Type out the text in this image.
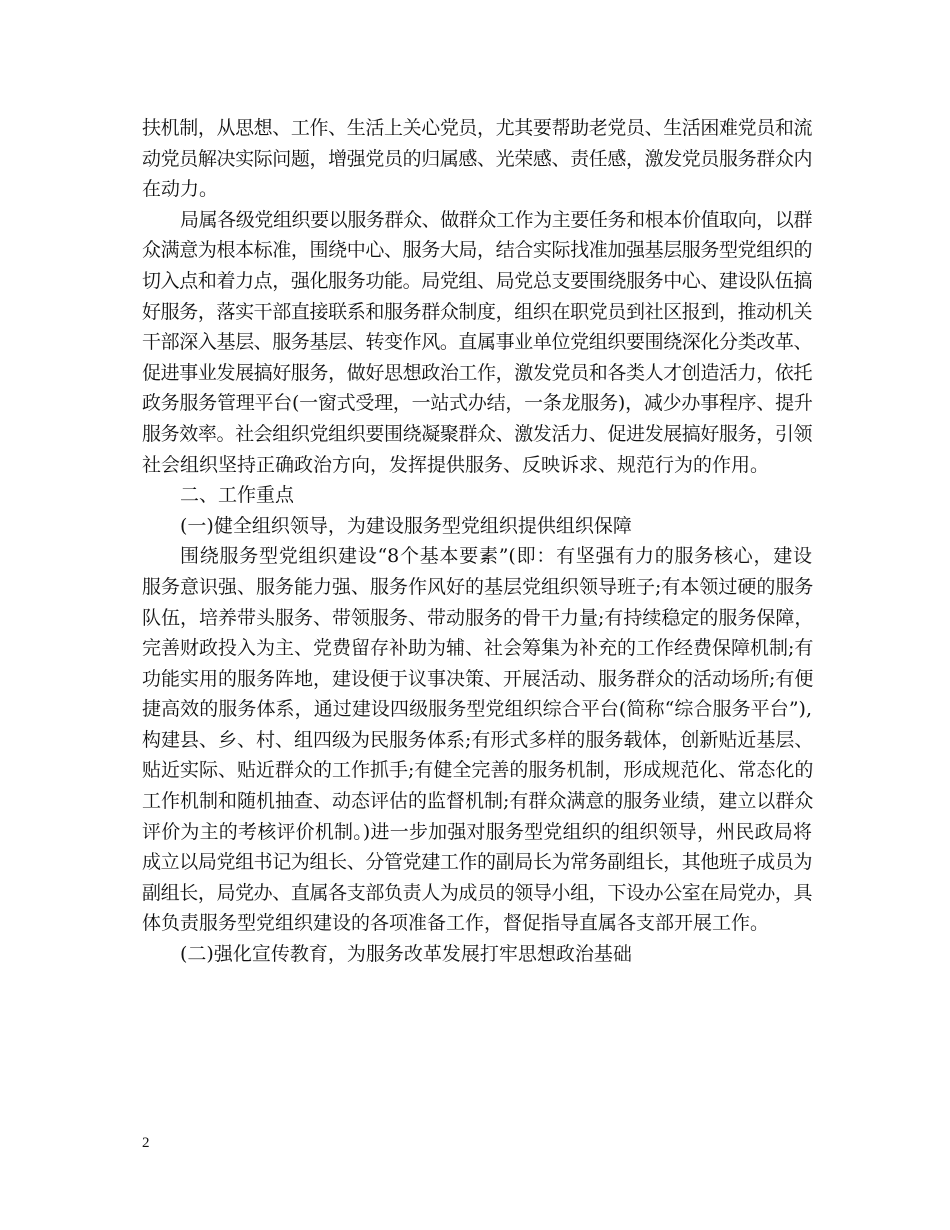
扶机制，从思想、工作、生活上关心党员，尤其要帮助老党员、生活困难党员和流
动党员解决实际问题，增强党员的归属感、光荣感、责任感，激发党员服务群众内
在动力。
局属各级党组织要以服务群众、做群众工作为主要任务和根本价值取向，以群
众满意为根本标准，围绕中心、服务大局，结合实际找准加强基层服务型党组织的
切入点和着力点，强化服务功能。局党组、局党总支要围绕服务中心、建设队伍搞
好服务，落实干部直接联系和服务群众制度，组织在职党员到社区报到，推动机关
干部深入基层、服务基层、转变作风。直属事业单位党组织要围绕深化分类改革、
促进事业发展搞好服务，做好思想政治工作，激发党员和各类人才创造活力，依托
政务服务管理平台(一窗式受理，一站式办结，一条龙服务)，减少办事程序、提升
服务效率。社会组织党组织要围绕凝聚群众、激发活力、促进发展搞好服务，引领
社会组织坚持正确政治方向，发挥提供服务、反映诉求、规范行为的作用。
二、工作重点
(一)健全组织领导，为建设服务型党组织提供组织保障
围绕服务型党组织建设“8个基本要素”(即：有坚强有力的服务核心，建设
服务意识强、服务能力强、服务作风好的基层党组织领导班子;有本领过硬的服务
队伍，培养带头服务、带领服务、带动服务的骨干力量;有持续稳定的服务保障，
完善财政投入为主、党费留存补助为辅、社会筹集为补充的工作经费保障机制;有
功能实用的服务阵地，建设便于议事决策、开展活动、服务群众的活动场所;有便
捷高效的服务体系，通过建设四级服务型党组织综合平台(简称“综合服务平台”),
构建县、乡、村、组四级为民服务体系;有形式多样的服务载体，创新贴近基层、
贴近实际、贴近群众的工作抓手;有健全完善的服务机制，形成规范化、常态化的
工作机制和随机抽查、动态评估的监督机制;有群众满意的服务业绩，建立以群众
评价为主的考核评价机制。)进一步加强对服务型党组织的组织领导，州民政局将
成立以局党组书记为组长、分管党建工作的副局长为常务副组长，其他班子成员为
副组长，局党办、直属各支部负责人为成员的领导小组，下设办公室在局党办，具
体负责服务型党组织建设的各项准备工作，督促指导直属各支部开展工作。
(二)强化宣传教育，为服务改革发展打牢思想政治基础
2
